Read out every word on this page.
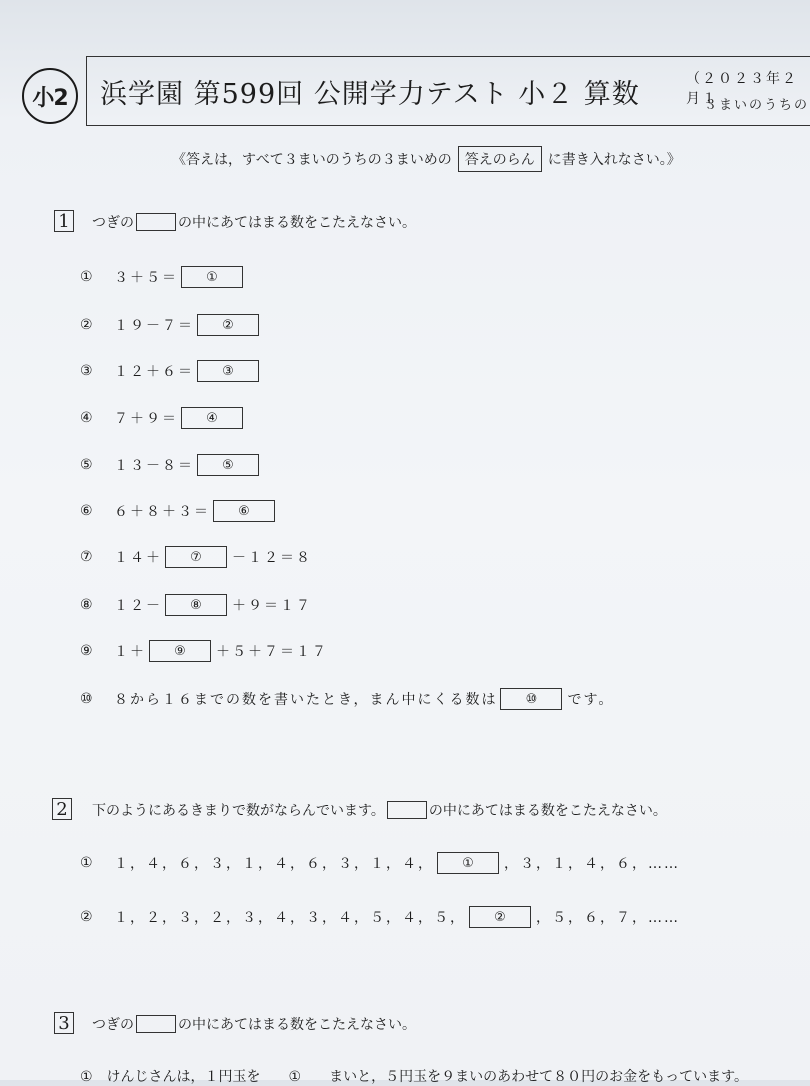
小2	浜学園 第599回 公開学力テスト 小２ 算数	（２０２３年２月１
３まいのうちの
《答えは，すべて３まいのうちの３まいめの 答えのらん に書き入れなさい。》
1	つぎの	の中にあてはまる数をこたえなさい。
①	３＋５＝	①
②	１９－７＝	②
③	１２＋６＝	③
④	７＋９＝	④
⑤	１３－８＝	⑤
⑥	６＋８＋３＝	⑥
⑦	１４＋	⑦	－１２＝８
⑧	１２－	⑧	＋９＝１７
⑨	１＋	⑨	＋５＋７＝１７
⑩	８から１６までの数を書いたとき，まん中にくる数は	⑩	です。
2	下のようにあるきまりで数がならんでいます。	の中にあてはまる数をこたえなさい。
①	１，４，６，３，１，４，６，３，１，４，	①	，３，１，４，６，……
②	１，２，３，２，３，４，３，４，５，４，５，	②	，５，６，７，……
3	つぎの	の中にあてはまる数をこたえなさい。
①　けんじさんは，１円玉を　　①　　まいと，５円玉を９まいのあわせて８０円のお金をもっています。
